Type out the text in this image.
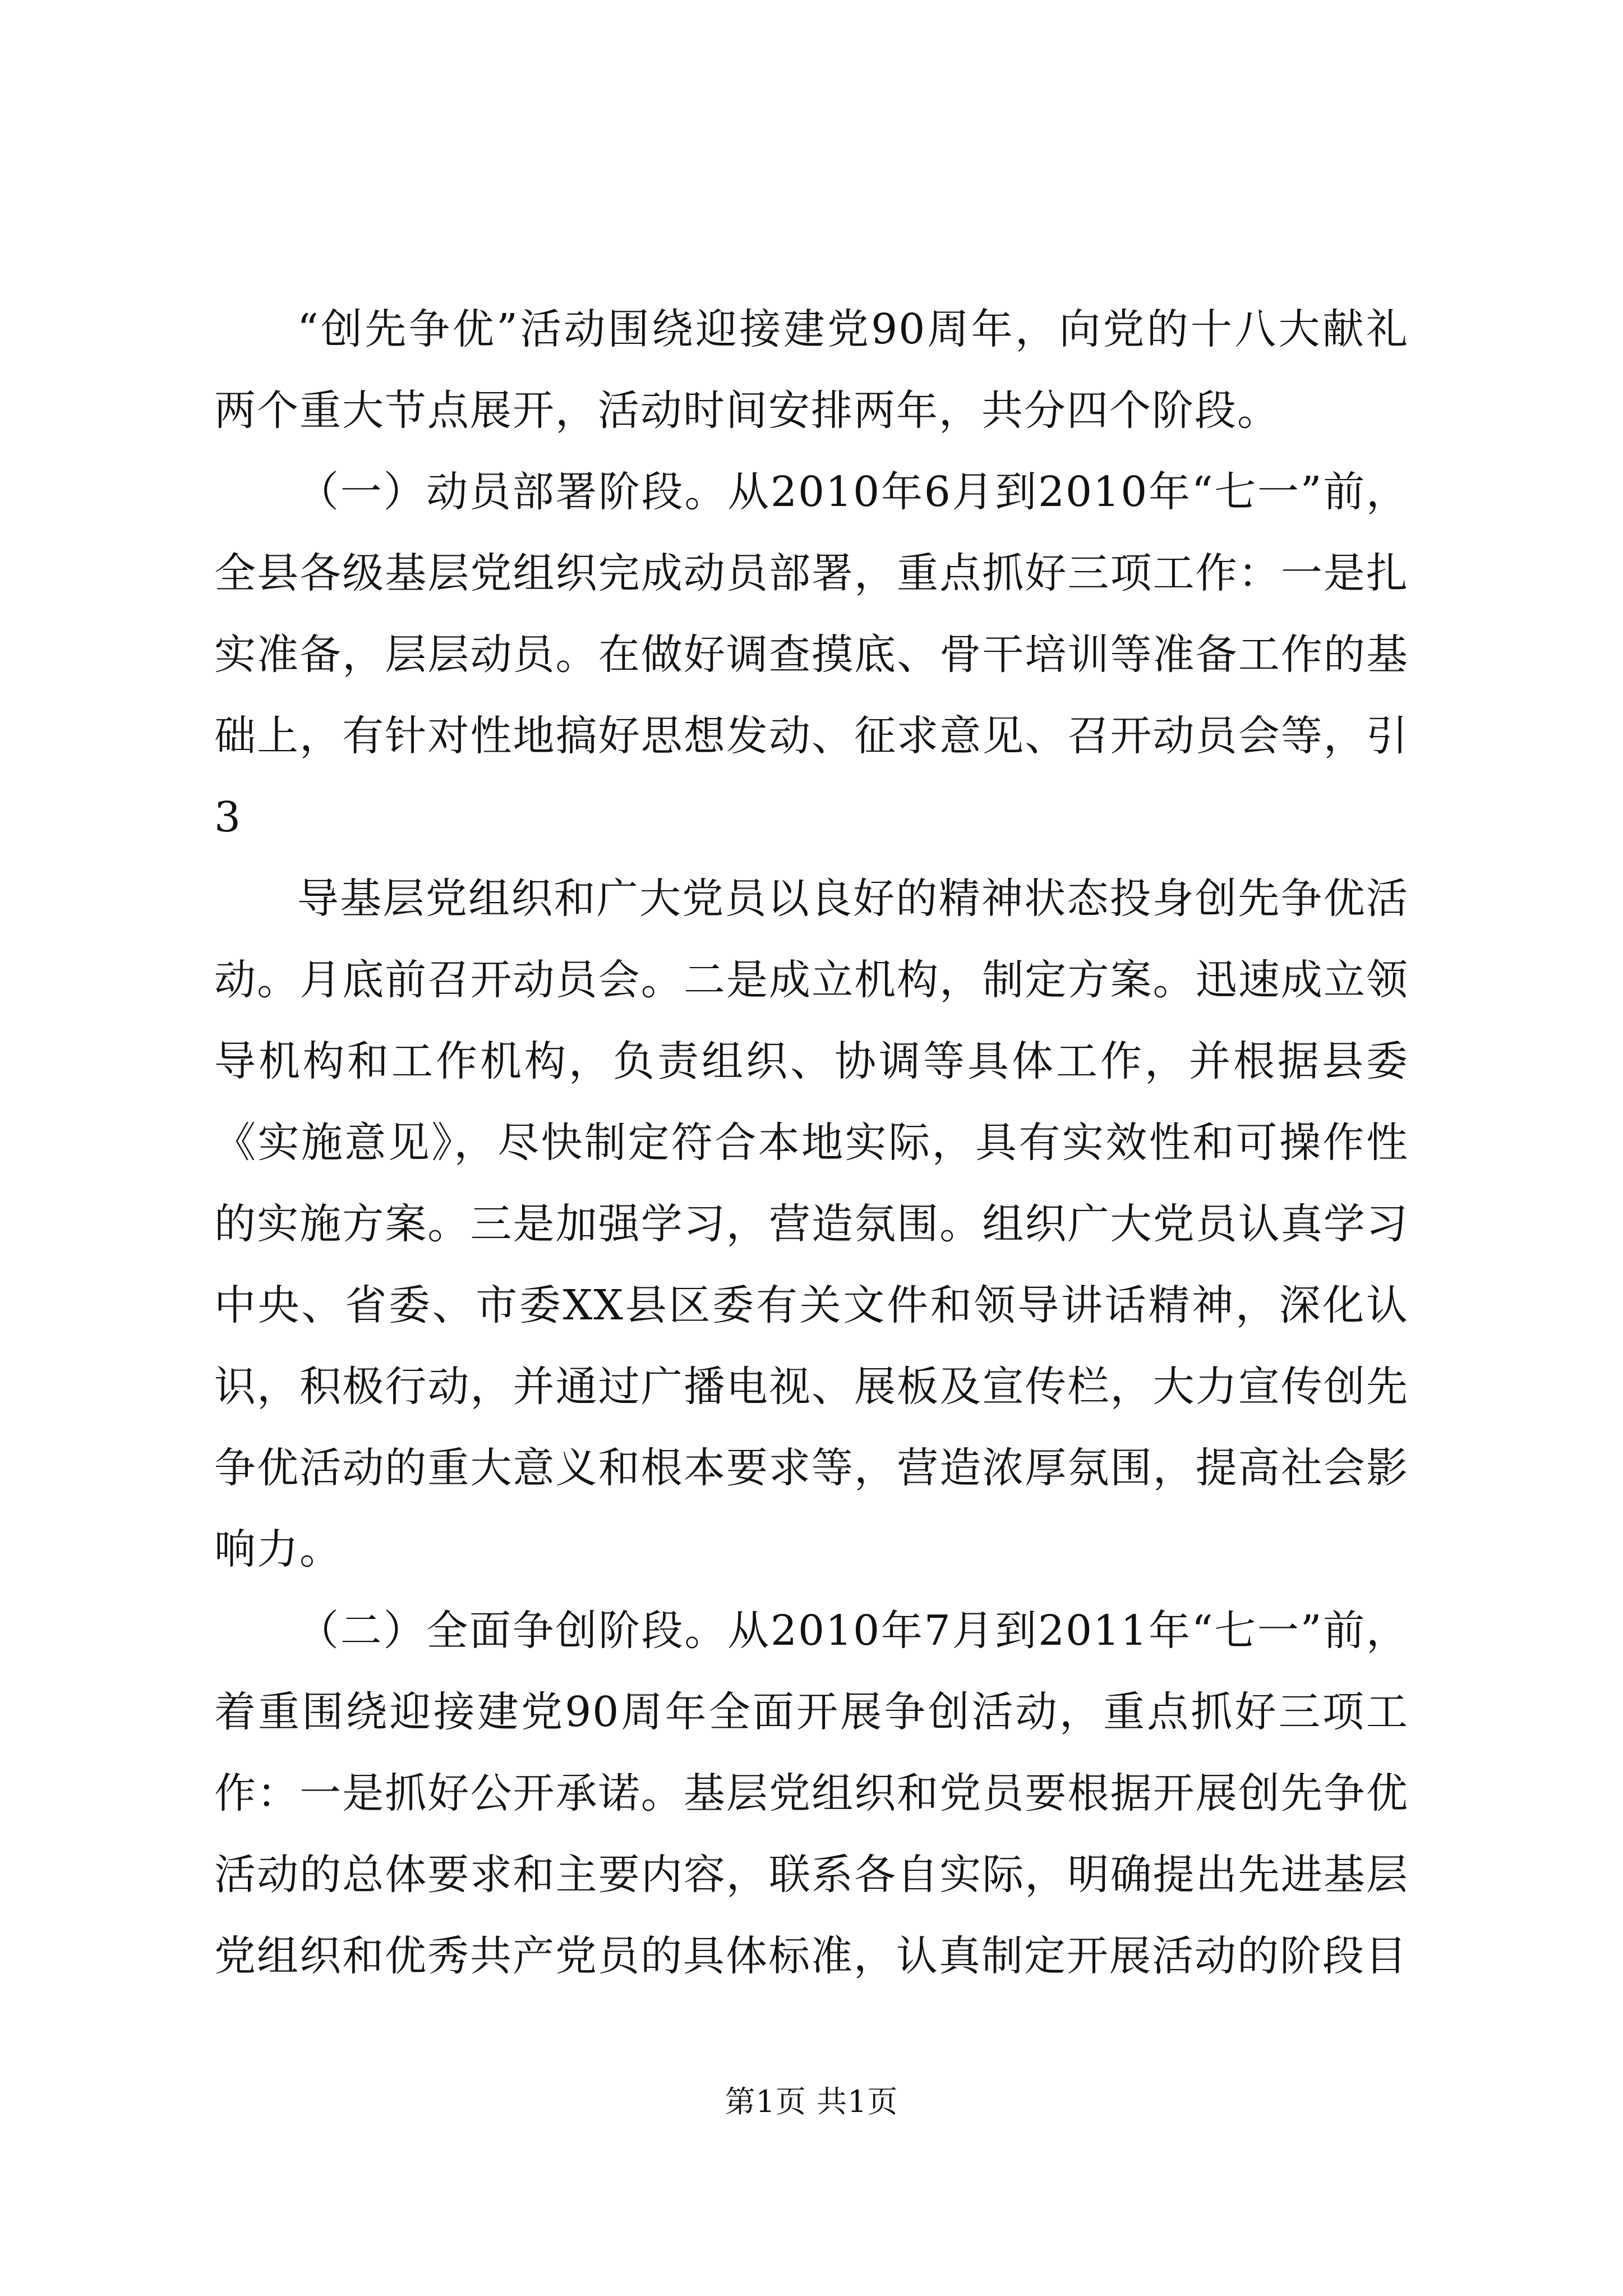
“创先争优”活动围绕迎接建党90周年，向党的十八大献礼两个重大节点展开，活动时间安排两年，共分四个阶段。

（一）动员部署阶段。从2010年6月到2010年“七一”前，全县各级基层党组织完成动员部署，重点抓好三项工作：一是扎实准备，层层动员。在做好调查摸底、骨干培训等准备工作的基础上，有针对性地搞好思想发动、征求意见、召开动员会等，引3

导基层党组织和广大党员以良好的精神状态投身创先争优活动。月底前召开动员会。二是成立机构，制定方案。迅速成立领导机构和工作机构，负责组织、协调等具体工作，并根据县委《实施意见》，尽快制定符合本地实际，具有实效性和可操作性的实施方案。三是加强学习，营造氛围。组织广大党员认真学习中央、省委、市委XX县区委有关文件和领导讲话精神，深化认识，积极行动，并通过广播电视、展板及宣传栏，大力宣传创先争优活动的重大意义和根本要求等，营造浓厚氛围，提高社会影响力。

（二）全面争创阶段。从2010年7月到2011年“七一”前，着重围绕迎接建党90周年全面开展争创活动，重点抓好三项工作：一是抓好公开承诺。基层党组织和党员要根据开展创先争优活动的总体要求和主要内容，联系各自实际，明确提出先进基层党组织和优秀共产党员的具体标准，认真制定开展活动的阶段目

第1页 共1页
